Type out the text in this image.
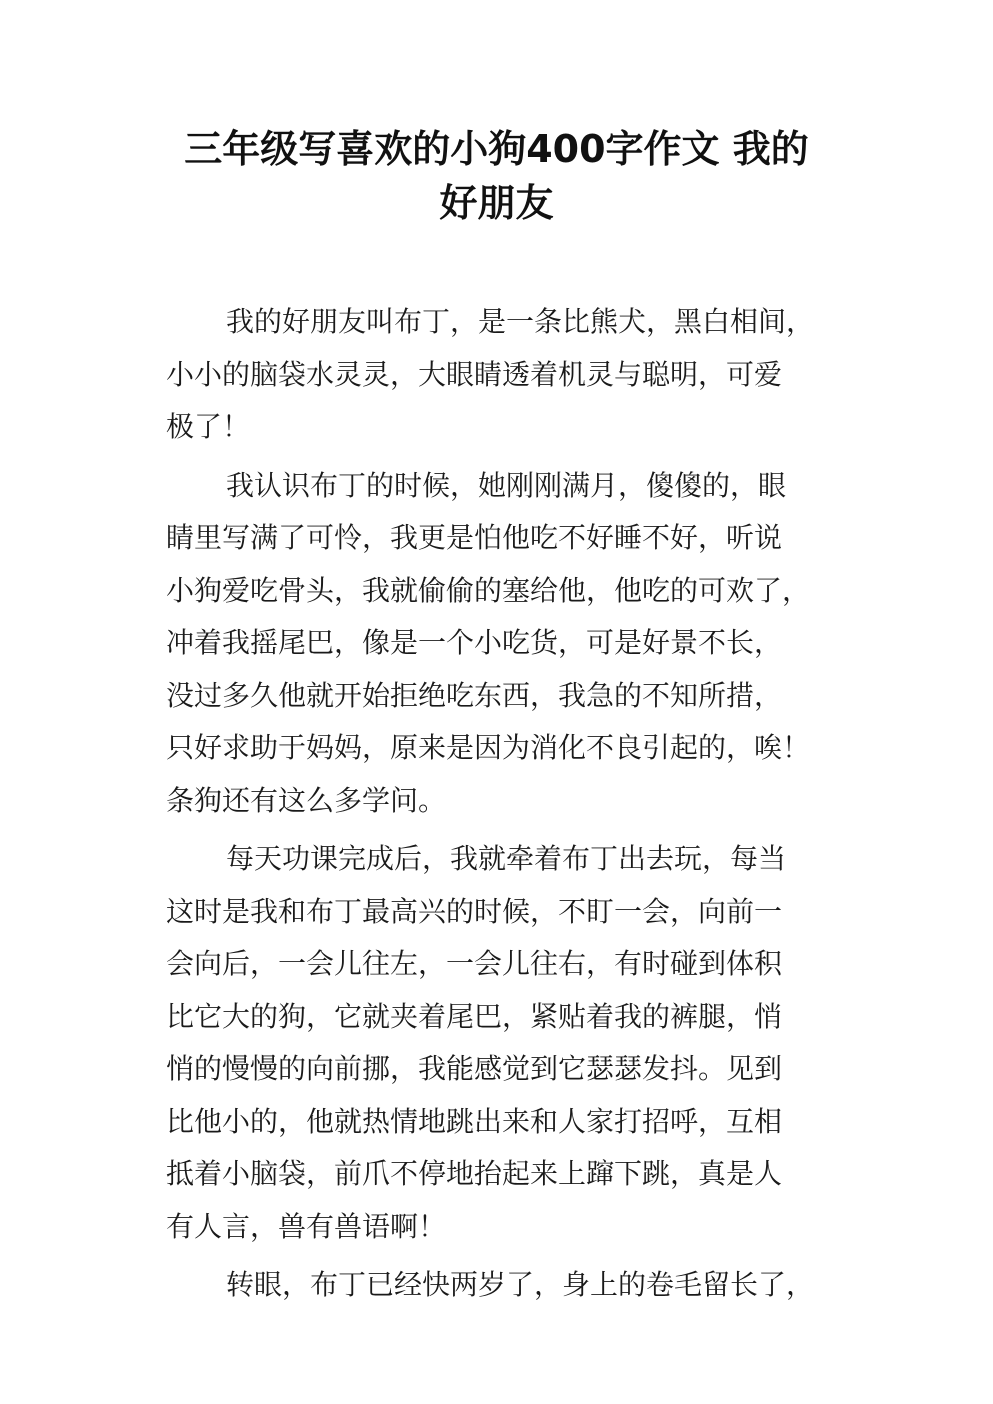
三年级写喜欢的小狗400字作文 我的
好朋友

我的好朋友叫布丁，是一条比熊犬，黑白相间，
小小的脑袋水灵灵，大眼睛透着机灵与聪明，可爱
极了！

我认识布丁的时候，她刚刚满月，傻傻的，眼
睛里写满了可怜，我更是怕他吃不好睡不好，听说
小狗爱吃骨头，我就偷偷的塞给他，他吃的可欢了，
冲着我摇尾巴，像是一个小吃货，可是好景不长，
没过多久他就开始拒绝吃东西，我急的不知所措，
只好求助于妈妈，原来是因为消化不良引起的，唉！
条狗还有这么多学问。

每天功课完成后，我就牵着布丁出去玩，每当
这时是我和布丁最高兴的时候，不盯一会，向前一
会向后，一会儿往左，一会儿往右，有时碰到体积
比它大的狗，它就夹着尾巴，紧贴着我的裤腿，悄
悄的慢慢的向前挪，我能感觉到它瑟瑟发抖。见到
比他小的，他就热情地跳出来和人家打招呼，互相
抵着小脑袋，前爪不停地抬起来上蹿下跳，真是人
有人言，兽有兽语啊！

转眼，布丁已经快两岁了，身上的卷毛留长了，
